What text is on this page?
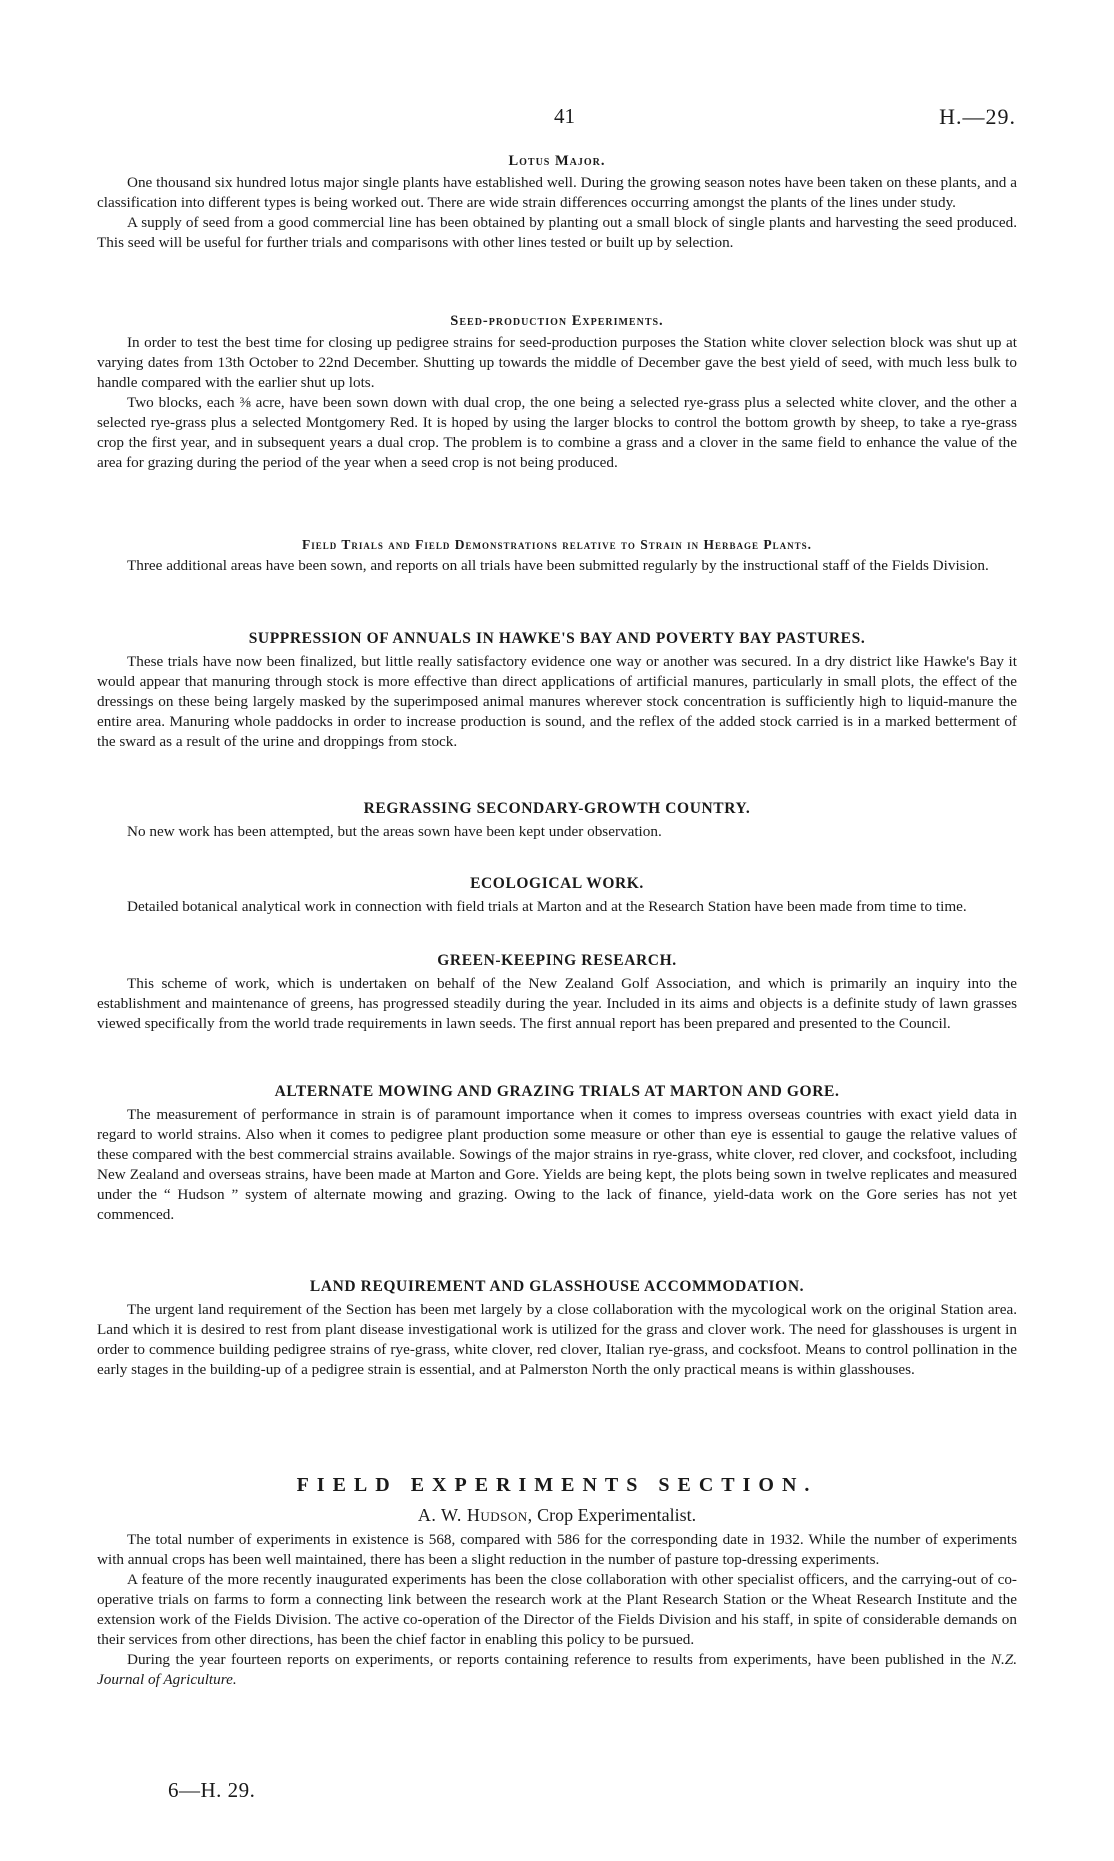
41	H.—29.
Lotus Major.

One thousand six hundred lotus major single plants have established well. During the growing season notes have been taken on these plants, and a classification into different types is being worked out. There are wide strain differences occurring amongst the plants of the lines under study.

A supply of seed from a good commercial line has been obtained by planting out a small block of single plants and harvesting the seed produced. This seed will be useful for further trials and comparisons with other lines tested or built up by selection.

Seed-production Experiments.

In order to test the best time for closing up pedigree strains for seed-production purposes the Station white clover selection block was shut up at varying dates from 13th October to 22nd December. Shutting up towards the middle of December gave the best yield of seed, with much less bulk to handle compared with the earlier shut up lots.

Two blocks, each ⅜ acre, have been sown down with dual crop, the one being a selected rye-grass plus a selected white clover, and the other a selected rye-grass plus a selected Montgomery Red. It is hoped by using the larger blocks to control the bottom growth by sheep, to take a rye-grass crop the first year, and in subsequent years a dual crop. The problem is to combine a grass and a clover in the same field to enhance the value of the area for grazing during the period of the year when a seed crop is not being produced.

Field Trials and Field Demonstrations relative to Strain in Herbage Plants.

Three additional areas have been sown, and reports on all trials have been submitted regularly by the instructional staff of the Fields Division.

SUPPRESSION OF ANNUALS IN HAWKE'S BAY AND POVERTY BAY PASTURES.

These trials have now been finalized, but little really satisfactory evidence one way or another was secured. In a dry district like Hawke's Bay it would appear that manuring through stock is more effective than direct applications of artificial manures, particularly in small plots, the effect of the dressings on these being largely masked by the superimposed animal manures wherever stock concentration is sufficiently high to liquid-manure the entire area. Manuring whole paddocks in order to increase production is sound, and the reflex of the added stock carried is in a marked betterment of the sward as a result of the urine and droppings from stock.

REGRASSING SECONDARY-GROWTH COUNTRY.

No new work has been attempted, but the areas sown have been kept under observation.

ECOLOGICAL WORK.

Detailed botanical analytical work in connection with field trials at Marton and at the Research Station have been made from time to time.

GREEN-KEEPING RESEARCH.

This scheme of work, which is undertaken on behalf of the New Zealand Golf Association, and which is primarily an inquiry into the establishment and maintenance of greens, has progressed steadily during the year. Included in its aims and objects is a definite study of lawn grasses viewed specifically from the world trade requirements in lawn seeds. The first annual report has been prepared and presented to the Council.

ALTERNATE MOWING AND GRAZING TRIALS AT MARTON AND GORE.

The measurement of performance in strain is of paramount importance when it comes to impress overseas countries with exact yield data in regard to world strains. Also when it comes to pedigree plant production some measure or other than eye is essential to gauge the relative values of these compared with the best commercial strains available. Sowings of the major strains in rye-grass, white clover, red clover, and cocksfoot, including New Zealand and overseas strains, have been made at Marton and Gore. Yields are being kept, the plots being sown in twelve replicates and measured under the “ Hudson ” system of alternate mowing and grazing. Owing to the lack of finance, yield-data work on the Gore series has not yet commenced.

LAND REQUIREMENT AND GLASSHOUSE ACCOMMODATION.

The urgent land requirement of the Section has been met largely by a close collaboration with the mycological work on the original Station area. Land which it is desired to rest from plant disease investigational work is utilized for the grass and clover work. The need for glasshouses is urgent in order to commence building pedigree strains of rye-grass, white clover, red clover, Italian rye-grass, and cocksfoot. Means to control pollination in the early stages in the building-up of a pedigree strain is essential, and at Palmerston North the only practical means is within glasshouses.

FIELD EXPERIMENTS SECTION.

A. W. Hudson, Crop Experimentalist.

The total number of experiments in existence is 568, compared with 586 for the corresponding date in 1932. While the number of experiments with annual crops has been well maintained, there has been a slight reduction in the number of pasture top-dressing experiments.

A feature of the more recently inaugurated experiments has been the close collaboration with other specialist officers, and the carrying-out of co-operative trials on farms to form a connecting link between the research work at the Plant Research Station or the Wheat Research Institute and the extension work of the Fields Division. The active co-operation of the Director of the Fields Division and his staff, in spite of considerable demands on their services from other directions, has been the chief factor in enabling this policy to be pursued.

During the year fourteen reports on experiments, or reports containing reference to results from experiments, have been published in the N.Z. Journal of Agriculture.

6—H. 29.
